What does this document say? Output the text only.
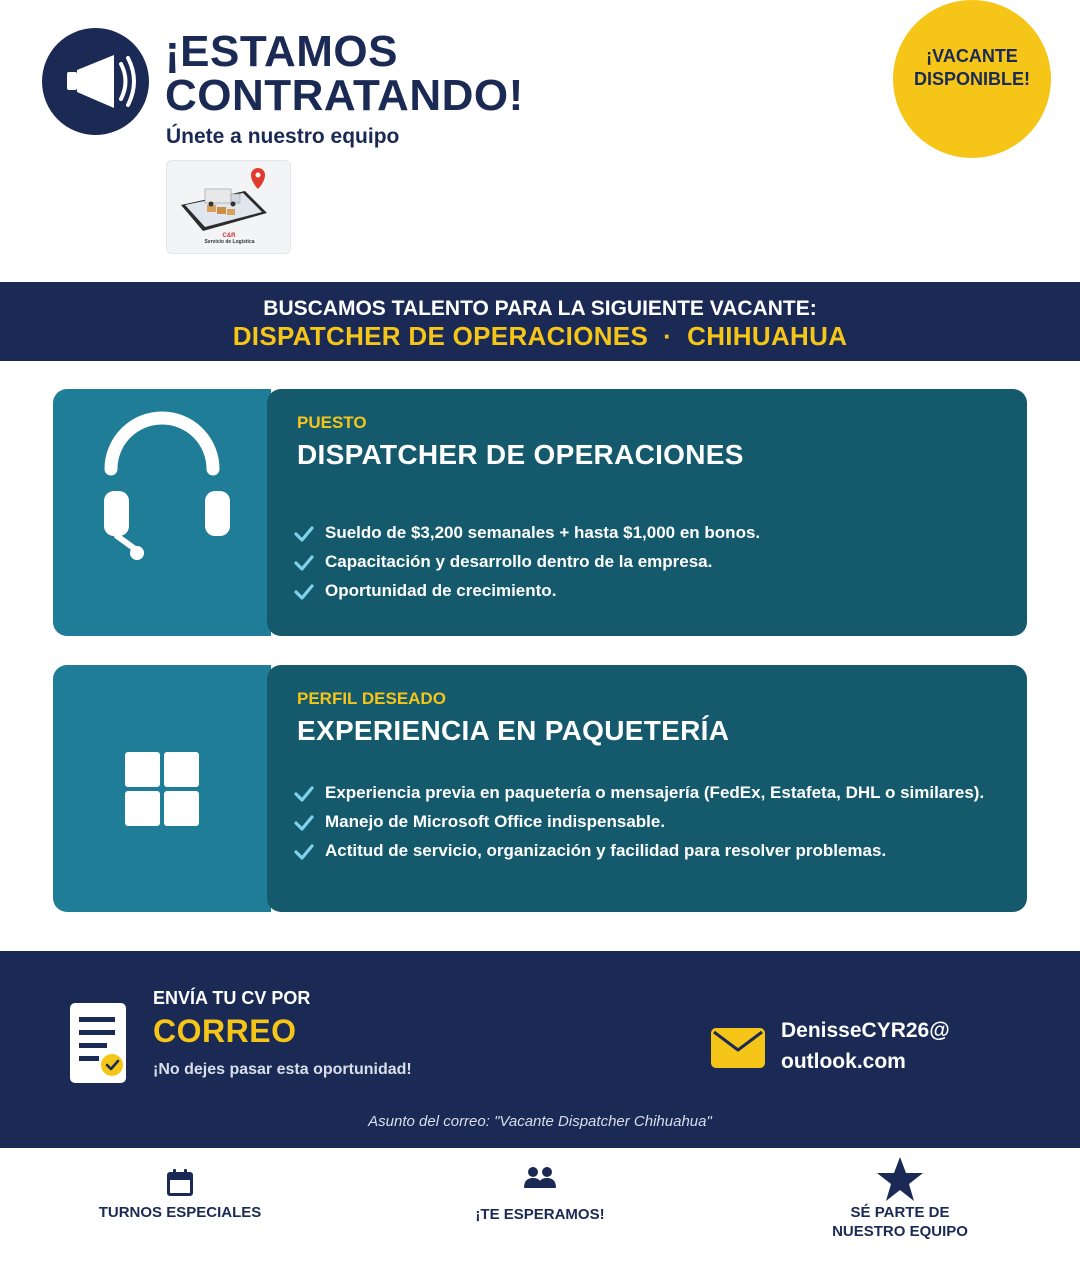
¡ESTAMOS
CONTRATANDO!
Únete a nuestro equipo
C&R
Servicio de Logística
¡VACANTE
DISPONIBLE!
BUSCAMOS TALENTO PARA LA SIGUIENTE VACANTE:
DISPATCHER DE OPERACIONES  ·  CHIHUAHUA
PUESTO
DISPATCHER DE OPERACIONES
Sueldo de $3,200 semanales + hasta $1,000 en bonos.
Capacitación y desarrollo dentro de la empresa.
Oportunidad de crecimiento.
PERFIL DESEADO
EXPERIENCIA EN PAQUETERÍA
Experiencia previa en paquetería o mensajería (FedEx, Estafeta, DHL o similares).
Manejo de Microsoft Office indispensable.
Actitud de servicio, organización y facilidad para resolver problemas.
ENVÍA TU CV POR
CORREO
¡No dejes pasar esta oportunidad!
DenisseCYR26@
outlook.com
Asunto del correo: "Vacante Dispatcher Chihuahua"
TURNOS ESPECIALES	¡TE ESPERAMOS!	SÉ PARTE DE
NUESTRO EQUIPO
